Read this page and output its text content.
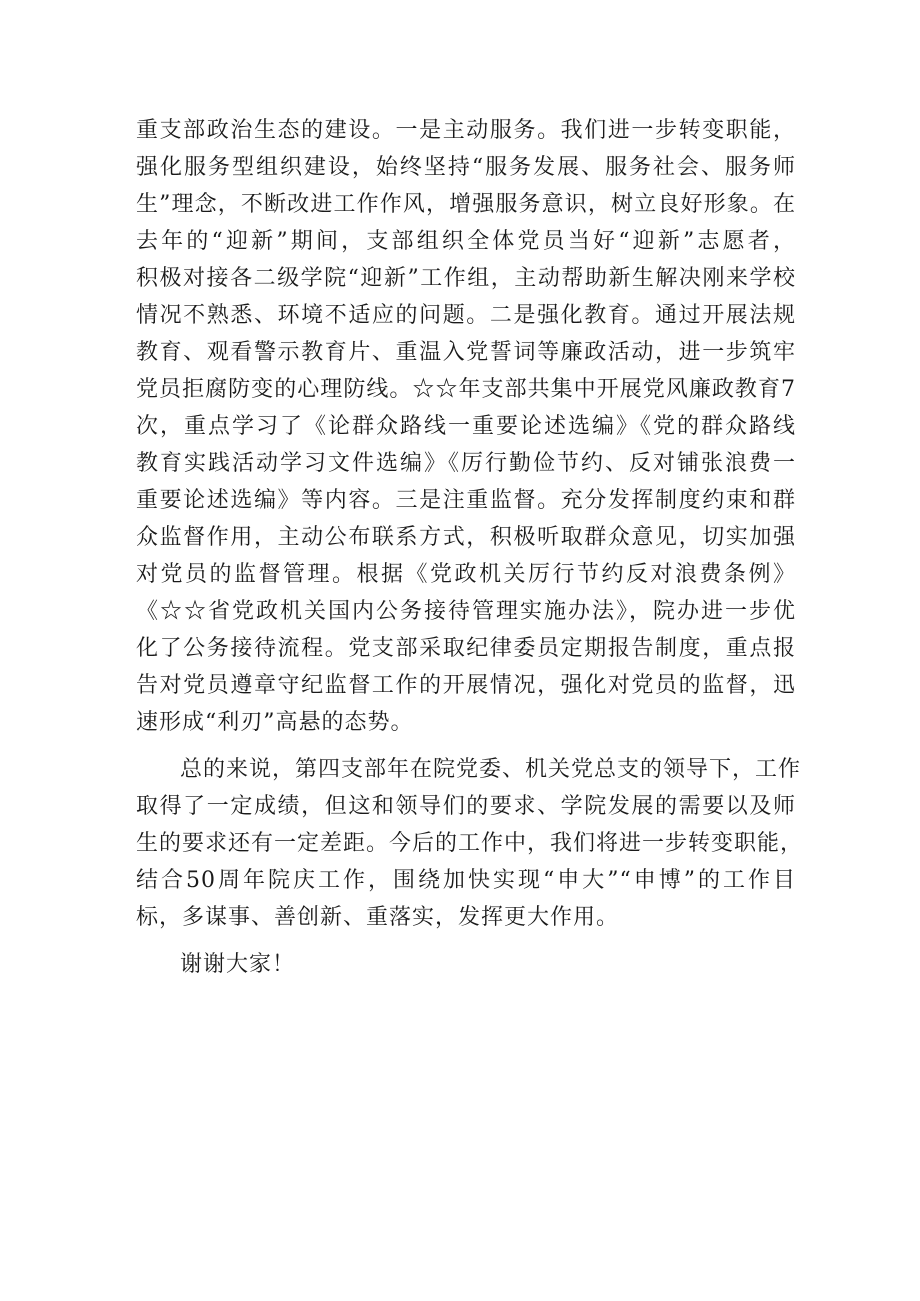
重支部政治生态的建设。一是主动服务。我们进一步转变职能，
强化服务型组织建设，始终坚持“服务发展、服务社会、服务师
生”理念，不断改进工作作风，增强服务意识，树立良好形象。在
去年的“迎新”期间，支部组织全体党员当好“迎新”志愿者，
积极对接各二级学院“迎新”工作组，主动帮助新生解决刚来学校
情况不熟悉、环境不适应的问题。二是强化教育。通过开展法规
教育、观看警示教育片、重温入党誓词等廉政活动，进一步筑牢
党员拒腐防变的心理防线。☆☆年支部共集中开展党风廉政教育7
次，重点学习了《论群众路线一重要论述选编》《党的群众路线
教育实践活动学习文件选编》《厉行勤俭节约、反对铺张浪费一
重要论述选编》等内容。三是注重监督。充分发挥制度约束和群
众监督作用，主动公布联系方式，积极听取群众意见，切实加强
对党员的监督管理。根据《党政机关厉行节约反对浪费条例》
《☆☆省党政机关国内公务接待管理实施办法》，院办进一步优
化了公务接待流程。党支部采取纪律委员定期报告制度，重点报
告对党员遵章守纪监督工作的开展情况，强化对党员的监督，迅
速形成“利刃”高悬的态势。
总的来说，第四支部年在院党委、机关党总支的领导下，工作
取得了一定成绩，但这和领导们的要求、学院发展的需要以及师
生的要求还有一定差距。今后的工作中，我们将进一步转变职能，
结合50周年院庆工作，围绕加快实现“申大”“申博”的工作目
标，多谋事、善创新、重落实，发挥更大作用。
谢谢大家！
